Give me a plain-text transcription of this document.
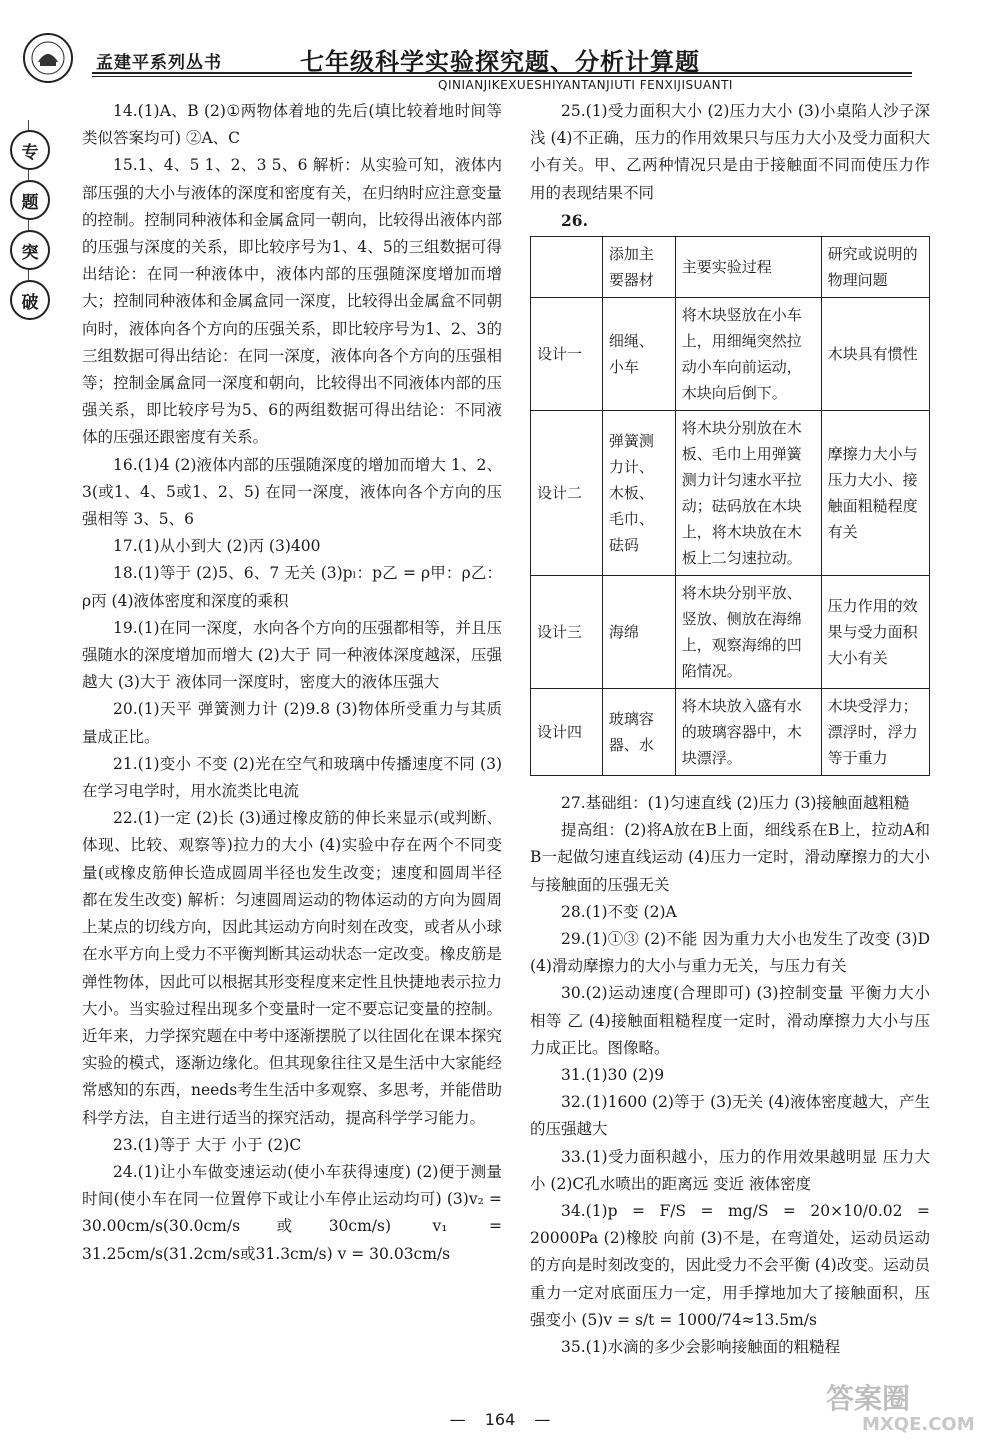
孟建平系列丛书	七年级科学实验探究题、分析计算题
QINIANJIKEXUESHIYANTANJIUTI FENXIJISUANTI
专
题
突
破

14.(1)A、B (2)①两物体着地的先后(填比较着地时间等类似答案均可) ②A、C

15.1、4、5 1、2、3 5、6 解析：从实验可知，液体内部压强的大小与液体的深度和密度有关，在归纳时应注意变量的控制。控制同种液体和金属盒同一朝向，比较得出液体内部的压强与深度的关系，即比较序号为1、4、5的三组数据可得出结论：在同一种液体中，液体内部的压强随深度增加而增大；控制同种液体和金属盒同一深度，比较得出金属盒不同朝向时，液体向各个方向的压强关系，即比较序号为1、2、3的三组数据可得出结论：在同一深度，液体向各个方向的压强相等；控制金属盒同一深度和朝向，比较得出不同液体内部的压强关系，即比较序号为5、6的两组数据可得出结论：不同液体的压强还跟密度有关系。

16.(1)4 (2)液体内部的压强随深度的增加而增大 1、2、3(或1、4、5或1、2、5) 在同一深度，液体向各个方向的压强相等 3、5、6

17.(1)从小到大 (2)丙 (3)400

18.(1)等于 (2)5、6、7 无关 (3)pₗ：p乙 = ρ甲：ρ乙：ρ丙 (4)液体密度和深度的乘积

19.(1)在同一深度，水向各个方向的压强都相等，并且压强随水的深度增加而增大 (2)大于 同一种液体深度越深，压强越大 (3)大于 液体同一深度时，密度大的液体压强大

20.(1)天平 弹簧测力计 (2)9.8 (3)物体所受重力与其质量成正比。

21.(1)变小 不变 (2)光在空气和玻璃中传播速度不同 (3)在学习电学时，用水流类比电流

22.(1)一定 (2)长 (3)通过橡皮筋的伸长来显示(或判断、体现、比较、观察等)拉力的大小 (4)实验中存在两个不同变量(或橡皮筋伸长造成圆周半径也发生改变；速度和圆周半径都在发生改变) 解析：匀速圆周运动的物体运动的方向为圆周上某点的切线方向，因此其运动方向时刻在改变，或者从小球在水平方向上受力不平衡判断其运动状态一定改变。橡皮筋是弹性物体，因此可以根据其形变程度来定性且快捷地表示拉力大小。当实验过程出现多个变量时一定不要忘记变量的控制。 近年来，力学探究题在中考中逐渐摆脱了以往固化在课本探究实验的模式，逐渐边缘化。但其现象往往又是生活中大家能经常感知的东西，needs考生生活中多观察、多思考，并能借助科学方法，自主进行适当的探究活动，提高科学学习能力。

23.(1)等于 大于 小于 (2)C

24.(1)让小车做变速运动(使小车获得速度) (2)便于测量时间(使小车在同一位置停下或让小车停止运动均可) (3)v₂ = 30.00cm/s(30.0cm/s或30cm/s) v₁ = 31.25cm/s(31.2cm/s或31.3cm/s) v = 30.03cm/s

25.(1)受力面积大小 (2)压力大小 (3)小桌陷人沙子深浅 (4)不正确，压力的作用效果只与压力大小及受力面积大小有关。甲、乙两种情况只是由于接触面不同而使压力作用的表现结果不同

26.

	添加主要器材	主要实验过程	研究或说明的物理问题
设计一	细绳、小车	将木块竖放在小车上，用细绳突然拉动小车向前运动，木块向后倒下。	木块具有惯性
设计二	弹簧测力计、木板、毛巾、砝码	将木块分别放在木板、毛巾上用弹簧测力计匀速水平拉动；砝码放在木块上，将木块放在木板上二匀速拉动。	摩擦力大小与压力大小、接触面粗糙程度有关
设计三	海绵	将木块分别平放、竖放、侧放在海绵上，观察海绵的凹陷情况。	压力作用的效果与受力面积大小有关
设计四	玻璃容器、水	将木块放入盛有水的玻璃容器中，木块漂浮。	木块受浮力；漂浮时，浮力等于重力

27.基础组：(1)匀速直线 (2)压力 (3)接触面越粗糙

提高组：(2)将A放在B上面，细线系在B上，拉动A和B一起做匀速直线运动 (4)压力一定时，滑动摩擦力的大小与接触面的压强无关

28.(1)不变 (2)A

29.(1)①③ (2)不能 因为重力大小也发生了改变 (3)D (4)滑动摩擦力的大小与重力无关，与压力有关

30.(2)运动速度(合理即可) (3)控制变量 平衡力大小相等 乙 (4)接触面粗糙程度一定时，滑动摩擦力大小与压力成正比。图像略。

31.(1)30 (2)9

32.(1)1600 (2)等于 (3)无关 (4)液体密度越大，产生的压强越大

33.(1)受力面积越小，压力的作用效果越明显 压力大小 (2)C孔水喷出的距离远 变近 液体密度

34.(1)p = F/S = mg/S = 20×10/0.02 = 20000Pa (2)橡胶 向前 (3)不是，在弯道处，运动员运动的方向是时刻改变的，因此受力不会平衡 (4)改变。运动员重力一定对底面压力一定，用手撑地加大了接触面积，压强变小 (5)v = s/t = 1000/74≈13.5m/s

35.(1)水滴的多少会影响接触面的粗糙程

— 164 —
答案圈
MXQE.COM
